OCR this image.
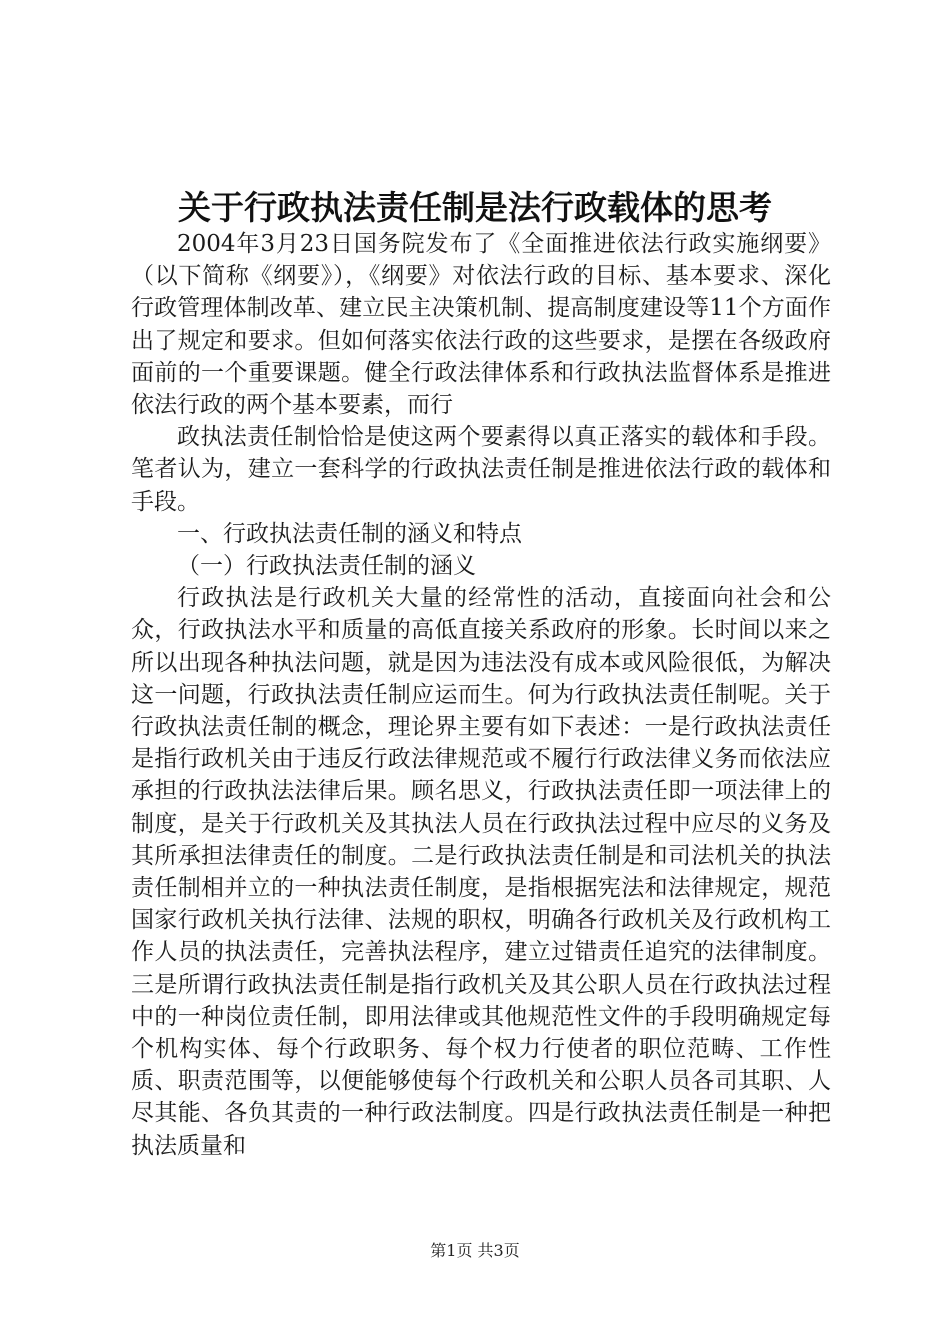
关于行政执法责任制是法行政载体的思考

2004年3月23日国务院发布了《全面推进依法行政实施纲要》（以下简称《纲要》），《纲要》对依法行政的目标、基本要求、深化行政管理体制改革、建立民主决策机制、提高制度建设等11个方面作出了规定和要求。但如何落实依法行政的这些要求，是摆在各级政府面前的一个重要课题。健全行政法律体系和行政执法监督体系是推进依法行政的两个基本要素，而行

政执法责任制恰恰是使这两个要素得以真正落实的载体和手段。笔者认为，建立一套科学的行政执法责任制是推进依法行政的载体和手段。

一、行政执法责任制的涵义和特点

（一）行政执法责任制的涵义

行政执法是行政机关大量的经常性的活动，直接面向社会和公众，行政执法水平和质量的高低直接关系政府的形象。长时间以来之所以出现各种执法问题，就是因为违法没有成本或风险很低，为解决这一问题，行政执法责任制应运而生。何为行政执法责任制呢。关于行政执法责任制的概念，理论界主要有如下表述：一是行政执法责任是指行政机关由于违反行政法律规范或不履行行政法律义务而依法应承担的行政执法法律后果。顾名思义，行政执法责任即一项法律上的制度，是关于行政机关及其执法人员在行政执法过程中应尽的义务及其所承担法律责任的制度。二是行政执法责任制是和司法机关的执法责任制相并立的一种执法责任制度，是指根据宪法和法律规定，规范国家行政机关执行法律、法规的职权，明确各行政机关及行政机构工作人员的执法责任，完善执法程序，建立过错责任追究的法律制度。三是所谓行政执法责任制是指行政机关及其公职人员在行政执法过程中的一种岗位责任制，即用法律或其他规范性文件的手段明确规定每个机构实体、每个行政职务、每个权力行使者的职位范畴、工作性质、职责范围等，以便能够使每个行政机关和公职人员各司其职、人尽其能、各负其责的一种行政法制度。四是行政执法责任制是一种把执法质量和

第1页 共3页
